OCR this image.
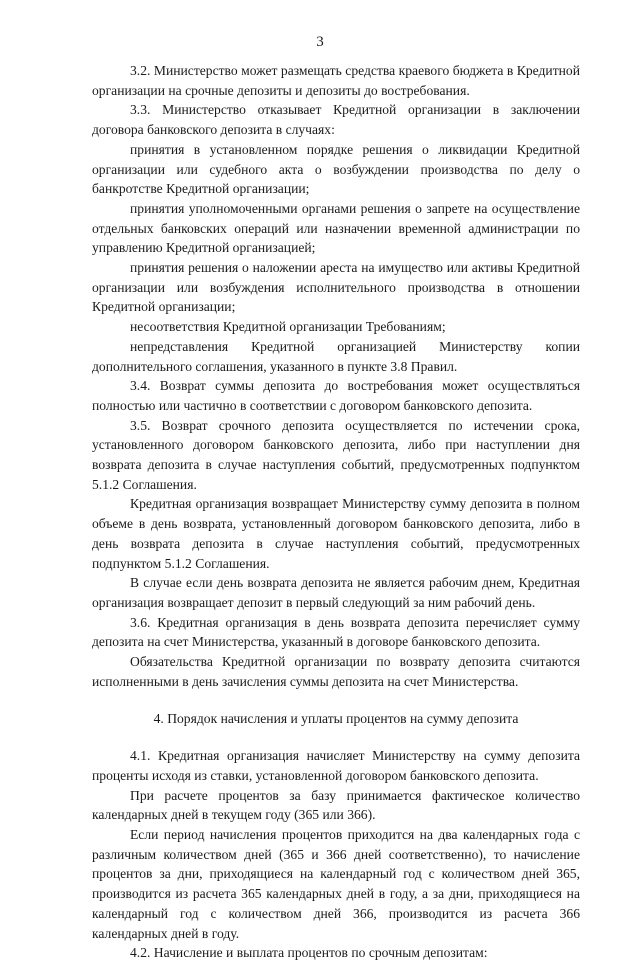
3

3.2. Министерство может размещать средства краевого бюджета в Кредитной организации на срочные депозиты и депозиты до востребования.

3.3. Министерство отказывает Кредитной организации в заключении договора банковского депозита в случаях:

принятия в установленном порядке решения о ликвидации Кредитной организации или судебного акта о возбуждении производства по делу о банкротстве Кредитной организации;

принятия уполномоченными органами решения о запрете на осуществление отдельных банковских операций или назначении временной администрации по управлению Кредитной организацией;

принятия решения о наложении ареста на имущество или активы Кредитной организации или возбуждения исполнительного производства в отношении Кредитной организации;

несоответствия Кредитной организации Требованиям;

непредставления Кредитной организацией Министерству копии дополнительного соглашения, указанного в пункте 3.8 Правил.

3.4. Возврат суммы депозита до востребования может осуществляться полностью или частично в соответствии с договором банковского депозита.

3.5. Возврат срочного депозита осуществляется по истечении срока, установленного договором банковского депозита, либо при наступлении дня возврата депозита в случае наступления событий, предусмотренных подпунктом 5.1.2 Соглашения.

Кредитная организация возвращает Министерству сумму депозита в полном объеме в день возврата, установленный договором банковского депозита, либо в день возврата депозита в случае наступления событий, предусмотренных подпунктом 5.1.2 Соглашения.

В случае если день возврата депозита не является рабочим днем, Кредитная организация возвращает депозит в первый следующий за ним рабочий день.

3.6. Кредитная организация в день возврата депозита перечисляет сумму депозита на счет Министерства, указанный в договоре банковского депозита.

Обязательства Кредитной организации по возврату депозита считаются исполненными в день зачисления суммы депозита на счет Министерства.

4. Порядок начисления и уплаты процентов на сумму депозита

4.1. Кредитная организация начисляет Министерству на сумму депозита проценты исходя из ставки, установленной договором банковского депозита.

При расчете процентов за базу принимается фактическое количество календарных дней в текущем году (365 или 366).

Если период начисления процентов приходится на два календарных года с различным количеством дней (365 и 366 дней соответственно), то начисление процентов за дни, приходящиеся на календарный год с количеством дней 365, производится из расчета 365 календарных дней в году, а за дни, приходящиеся на календарный год с количеством дней 366, производится из расчета 366 календарных дней в году.

4.2. Начисление и выплата процентов по срочным депозитам:
